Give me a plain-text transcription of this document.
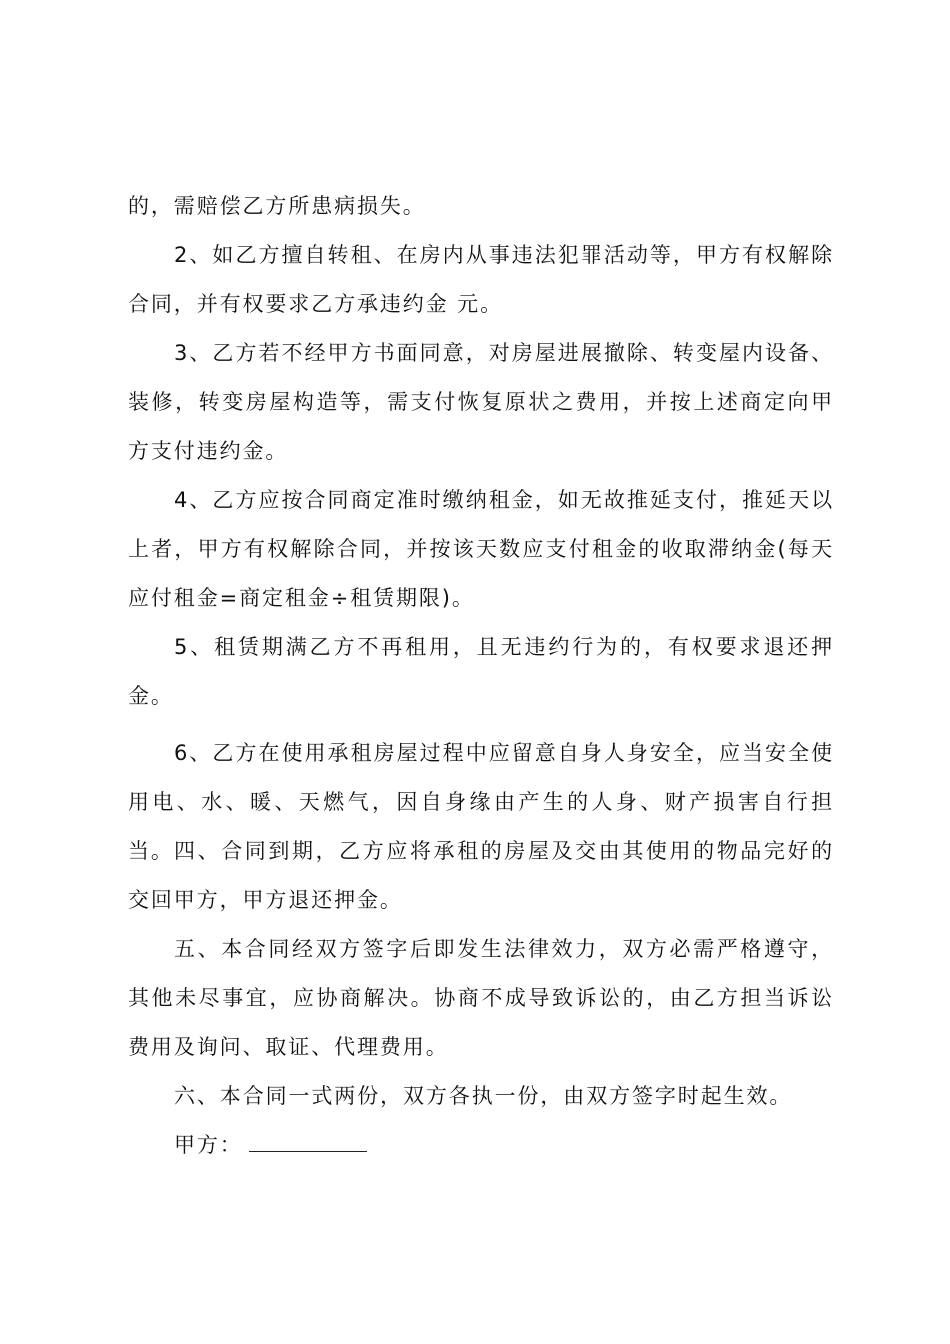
的，需赔偿乙方所患病损失。

2、如乙方擅自转租、在房内从事违法犯罪活动等，甲方有权解除合同，并有权要求乙方承违约金 元。

3、乙方若不经甲方书面同意，对房屋进展撤除、转变屋内设备、装修，转变房屋构造等，需支付恢复原状之费用，并按上述商定向甲方支付违约金。

4、乙方应按合同商定准时缴纳租金，如无故推延支付，推延天以上者，甲方有权解除合同，并按该天数应支付租金的收取滞纳金(每天应付租金=商定租金÷租赁期限)。

5、租赁期满乙方不再租用，且无违约行为的，有权要求退还押金。

6、乙方在使用承租房屋过程中应留意自身人身安全，应当安全使用电、水、暖、天燃气，因自身缘由产生的人身、财产损害自行担当。 四、合同到期，乙方应将承租的房屋及交由其使用的物品完好的交回甲方，甲方退还押金。

五、本合同经双方签字后即发生法律效力，双方必需严格遵守，其他未尽事宜，应协商解决。协商不成导致诉讼的，由乙方担当诉讼费用及询问、取证、代理费用。

六、本合同一式两份，双方各执一份，由双方签字时起生效。

甲方：
